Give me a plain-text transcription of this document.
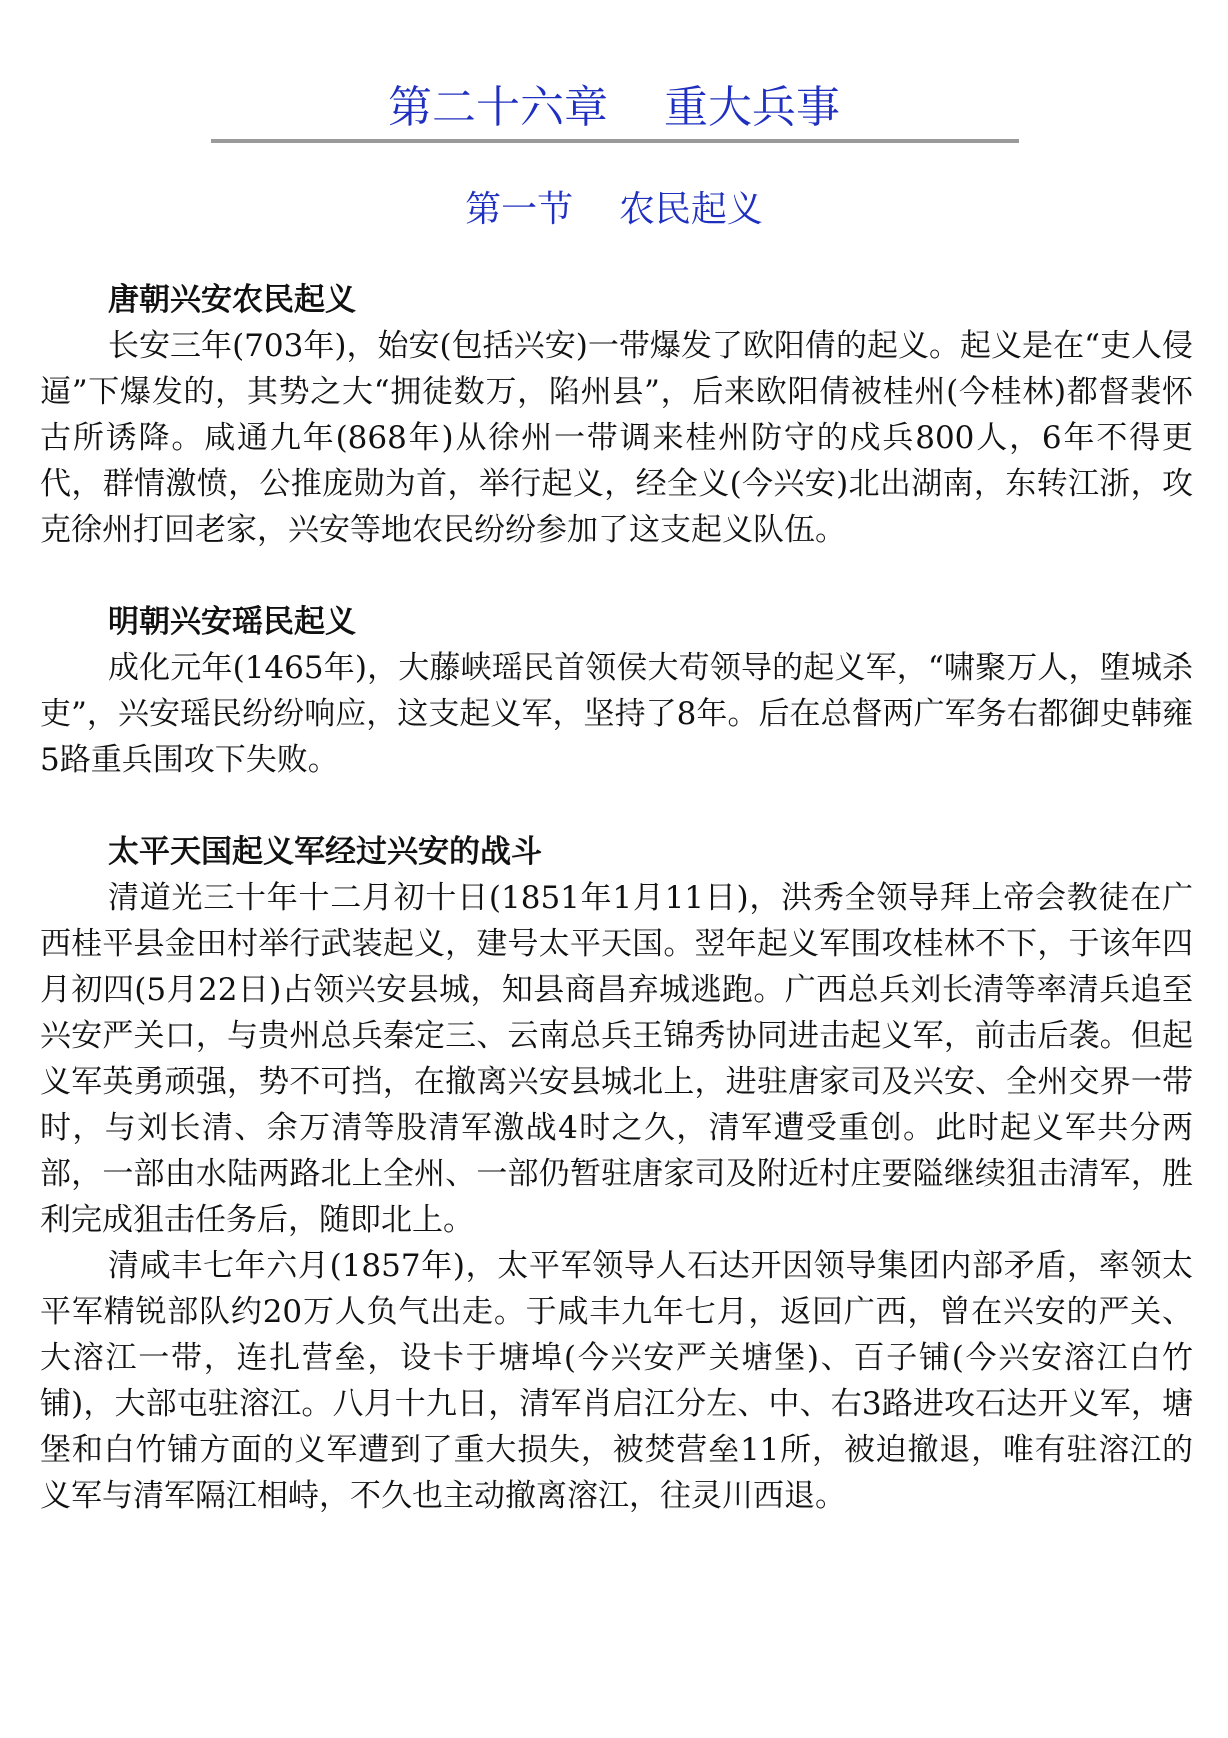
第二十六章    重大兵事
第一节    农民起义
唐朝兴安农民起义

长安三年(703年)，始安(包括兴安)一带爆发了欧阳倩的起义。起义是在“吏人侵逼”下爆发的，其势之大“拥徒数万，陷州县”，后来欧阳倩被桂州(今桂林)都督裴怀古所诱降。咸通九年(868年)从徐州一带调来桂州防守的戍兵800人，6年不得更代，群情激愤，公推庞勋为首，举行起义，经全义(今兴安)北出湖南，东转江浙，攻克徐州打回老家，兴安等地农民纷纷参加了这支起义队伍。

明朝兴安瑶民起义

成化元年(1465年)，大藤峡瑶民首领侯大苟领导的起义军，“啸聚万人，堕城杀吏”，兴安瑶民纷纷响应，这支起义军，坚持了8年。后在总督两广军务右都御史韩雍5路重兵围攻下失败。

太平天国起义军经过兴安的战斗

清道光三十年十二月初十日(1851年1月11日)，洪秀全领导拜上帝会教徒在广西桂平县金田村举行武装起义，建号太平天国。翌年起义军围攻桂林不下，于该年四月初四(5月22日)占领兴安县城，知县商昌弃城逃跑。广西总兵刘长清等率清兵追至兴安严关口，与贵州总兵秦定三、云南总兵王锦秀协同进击起义军，前击后袭。但起义军英勇顽强，势不可挡，在撤离兴安县城北上，进驻唐家司及兴安、全州交界一带时，与刘长清、余万清等股清军激战4时之久，清军遭受重创。此时起义军共分两部，一部由水陆两路北上全州、一部仍暂驻唐家司及附近村庄要隘继续狙击清军，胜利完成狙击任务后，随即北上。

清咸丰七年六月(1857年)，太平军领导人石达开因领导集团内部矛盾，率领太平军精锐部队约20万人负气出走。于咸丰九年七月，返回广西，曾在兴安的严关、大溶江一带，连扎营垒，设卡于塘埠(今兴安严关塘堡)、百子铺(今兴安溶江白竹铺)，大部屯驻溶江。八月十九日，清军肖启江分左、中、右3路进攻石达开义军，塘堡和白竹铺方面的义军遭到了重大损失，被焚营垒11所，被迫撤退，唯有驻溶江的义军与清军隔江相峙，不久也主动撤离溶江，往灵川西退。
